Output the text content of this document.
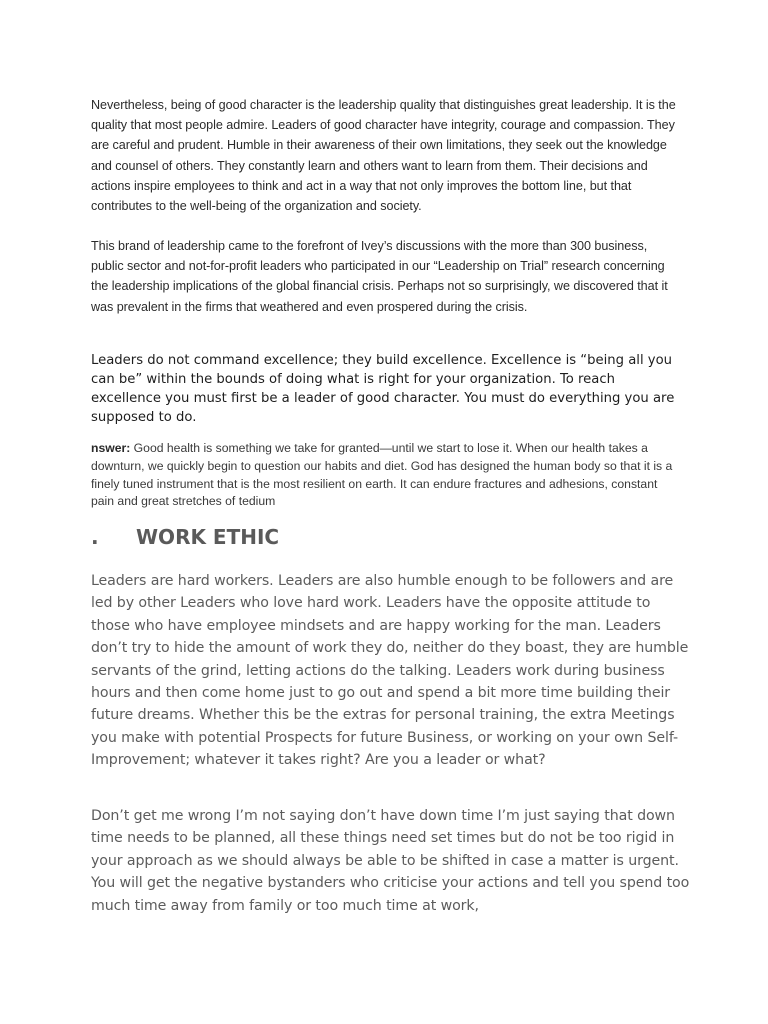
Nevertheless, being of good character is the leadership quality that distinguishes great leadership. It is the quality that most people admire. Leaders of good character have integrity, courage and compassion. They are careful and prudent. Humble in their awareness of their own limitations, they seek out the knowledge and counsel of others. They constantly learn and others want to learn from them. Their decisions and actions inspire employees to think and act in a way that not only improves the bottom line, but that contributes to the well-being of the organization and society.

This brand of leadership came to the forefront of Ivey’s discussions with the more than 300 business, public sector and not-for-profit leaders who participated in our “Leadership on Trial” research concerning the leadership implications of the global financial crisis. Perhaps not so surprisingly, we discovered that it was prevalent in the firms that weathered and even prospered during the crisis.

Leaders do not command excellence; they build excellence. Excellence is “being all you can be” within the bounds of doing what is right for your organization. To reach excellence you must first be a leader of good character. You must do everything you are supposed to do.

nswer: Good health is something we take for granted—until we start to lose it. When our health takes a downturn, we quickly begin to question our habits and diet. God has designed the human body so that it is a finely tuned instrument that is the most resilient on earth. It can endure fractures and adhesions, constant pain and great stretches of tedium

. WORK ETHIC

Leaders are hard workers. Leaders are also humble enough to be followers and are led by other Leaders who love hard work. Leaders have the opposite attitude to those who have employee mindsets and are happy working for the man. Leaders don’t try to hide the amount of work they do, neither do they boast, they are humble servants of the grind, letting actions do the talking. Leaders work during business hours and then come home just to go out and spend a bit more time building their future dreams. Whether this be the extras for personal training, the extra Meetings you make with potential Prospects for future Business, or working on your own Self-Improvement; whatever it takes right? Are you a leader or what?

Don’t get me wrong I’m not saying don’t have down time I’m just saying that down time needs to be planned, all these things need set times but do not be too rigid in your approach as we should always be able to be shifted in case a matter is urgent. You will get the negative bystanders who criticise your actions and tell you spend too much time away from family or too much time at work,
